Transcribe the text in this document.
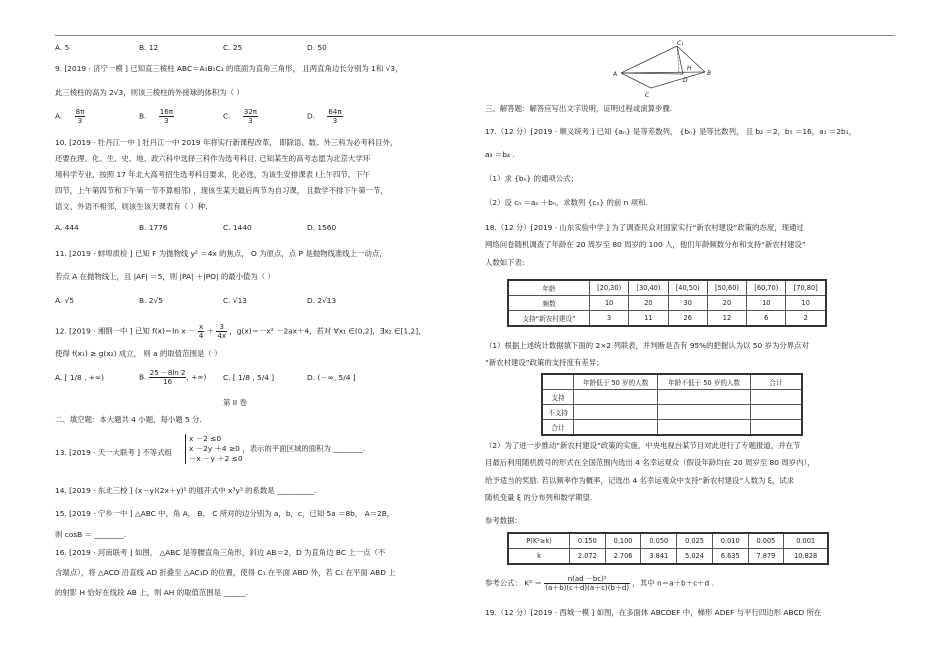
A. 5	B. 12	C. 25	D. 50
9. [2019 · 济宁一模 ] 已知直三棱柱 ABC＝A₁B₁C₁ 的底面为直角三角形， 且两直角边长分别为 1和 √3，
此三棱柱的高为 2√3，则该三棱柱的外接球的体积为（ ）
A. $\frac{8\pi}{3}$	B. $\frac{16\pi}{3}$	C. $\frac{32\pi}{3}$	D. $\frac{64\pi}{3}$
10. [2019 · 牡丹江一中 ] 牡丹江一中 2019 年将实行新课程改革， 即除语、数、外三科为必考科目外，
还要在理、化、生、史、地、政六科中选择三科作为选考科目. 已知某生的高考志愿为北京大学环
境科学专业，按照 17 年北大高考招生选考科目要求，化必选，为该生安排课表 (上午四节、下午
四节，上午第四节和下午第一节不算相邻) ，现该生某天最后两节为自习课， 且数学不排下午第一节，
语文、外语不相邻，则该生该天课表有（ ）种.
A. 444	B. 1776	C. 1440	D. 1560
11. [2019 · 蚌埠质检 ] 已知 F 为抛物线 y² ＝4x 的焦点， O 为原点，点 P 是抛物线准线上一动点，
若点 A 在抛物线上，且 |AF| ＝5，则 |PA| ＋|PO| 的最小值为（ ）
A. √5	B. 2√5	C. √13	D. 2√13
12. [2019 · 湘钢一中 ] 已知 f(x)＝ln $x - \frac{x}{4} + \frac{3}{4x}$ ，g(x)＝－x² －2ax＋4，若对 ∀x₁ ∈(0,2]，∃x₂ ∈[1,2]，
使得 f(x₁) ≥ g(x₂) 成立， 则 a 的取值范围是（ ）
A. [ 1/8 , +∞)	B. $\frac{25 -8\ln 2}{16}$ , +∞) C. [ 1/8 , 5/4 ]	D. (－∞, 5/4 ]
第 II 卷
二、填空题：本大题共 4 小题，每小题 5 分.
13. [2019 · 天一大联考 ] 不等式组
x －2 ≤0
x －2y ＋4 ≥0 ，表示的平面区域的面积为 ________.
－x －y ＋2 ≤0
14. [2019 · 东北三校 ] (x－y)(2x＋y)⁵ 的展开式中 x³y³ 的系数是 __________.
15. [2019 · 宁乡一中 ] △ABC 中，角 A， B， C 所对的边分别为 a，b，c，已知 5a ＝8b， A＝2B，
则 cosB ＝ ________.
16. [2019 · 河南联考 ] 如图， △ABC 是等腰直角三角形，斜边 AB＝2，D 为直角边 BC 上一点（不
含端点），将 △ACD 沿直线 AD 折叠至 △AC₁D 的位置，使得 C₁ 在平面 ABD 外，若 C₁ 在平面 ABD 上
的射影 H 恰好在线段 AB 上，则 AH 的取值范围是 ______.
A	B
C
C₁
D
H
三、解答题：解答应写出文字说明，证明过程或演算步骤.
17.（12 分）[2019 · 顺义统考 ] 已知 {aₙ} 是等差数列， {bₙ} 是等比数列， 且 b₂ ＝2，b₅ ＝16，a₁ ＝2b₁，
a₃ ＝b₄ .
（1）求 {bₙ} 的通项公式；
（2）设 cₙ ＝aₙ ＋bₙ，求数列 {cₙ} 的前 n 项和.
18.（12 分）[2019 · 山东实验中学 ] 为了调查民众对国家实行“新农村建设”政策的态度，现通过
网络问卷随机调查了年龄在 20 周岁至 80 周岁的 100 人，他们年龄频数分布和支持“新农村建设”
人数如下表：
年龄	[20,30)	[30,40)	[40,50)	[50,60)	[60,70)	[70,80]
频数	10	20	30	20	10	10
支持“新农村建设”	3	11	26	12	6	2
（1）根据上述统计数据填下面的 2×2 列联表，并判断是否有 95%的把握认为以 50 岁为分界点对
“新农村建设”政策的支持度有差异；
	年龄低于 50 岁的人数	年龄不低于 50 岁的人数	合计
支持			
不支持			
合计			
（2）为了进一步推动“新农村建设”政策的实施，中央电视台某节目对此进行了专题报道，并在节
目最后利用随机拨号的形式在全国范围内选出 4 名幸运观众（假设年龄均在 20 周岁至 80 周岁内），
给予适当的奖励. 若以频率作为概率，记选出 4 名幸运观众中支持“新农村建设”人数为 ξ，试求
随机变量 ξ 的分布列和数学期望.
参考数据:
P(K²≥k)	0.150	0.100	0.050	0.025	0.010	0.005	0.001
k	2.072	2.706	3.841	5.024	6.635	7.879	10.828
参考公式： $K^2 = \frac{\text{n(ad －bc)²}}{(a+b)(c+d)(a+c)(b+d)}$ ，其中 n＝a＋b＋c＋d .
19.（12 分）[2019 · 西城一模 ] 如图，在多面体 ABCDEF 中，梯形 ADEF 与平行四边形 ABCD 所在
